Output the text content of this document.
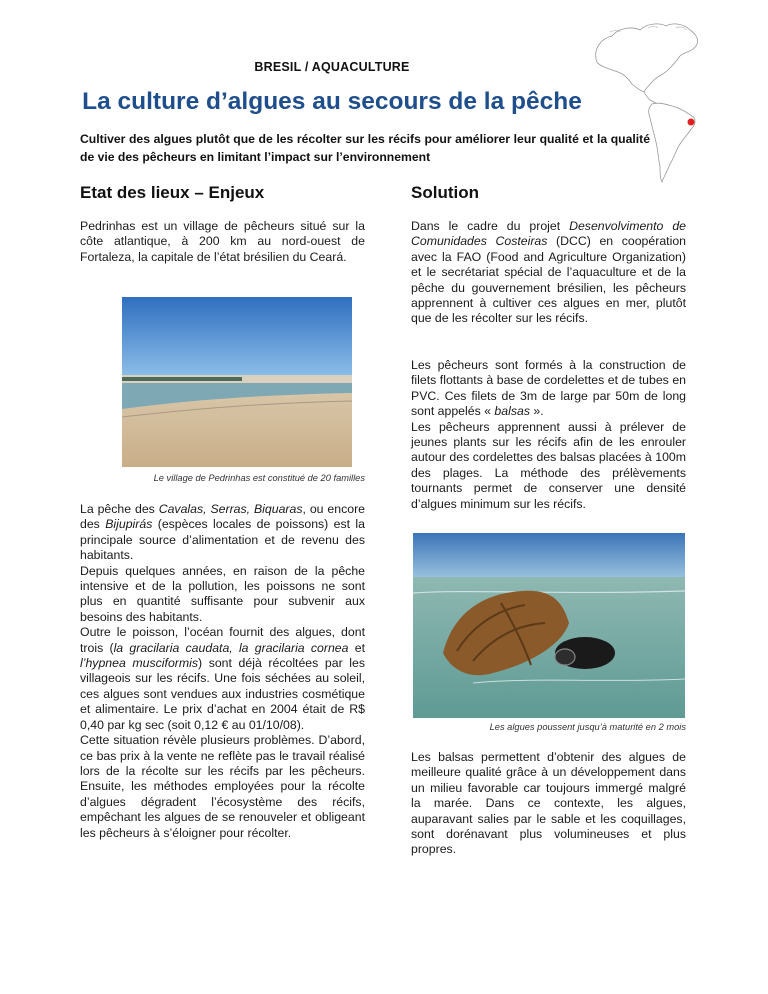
BRESIL / AQUACULTURE
La culture d’algues au secours de la pêche
Cultiver des algues plutôt que de les récolter sur les récifs pour améliorer leur qualité et la qualité de vie des pêcheurs en limitant l’impact sur l’environnement
Etat des lieux – Enjeux

Pedrinhas est un village de pêcheurs situé sur la côte atlantique, à 200 km au nord-ouest de Fortaleza, la capitale de l’état brésilien du Ceará.

Le village de Pedrinhas est constitué de 20 familles

La pêche des Cavalas, Serras, Biquaras, ou encore des Bijupirás (espèces locales de poissons) est la principale source d’alimentation et de revenu des habitants.

Depuis quelques années, en raison de la pêche intensive et de la pollution, les poissons ne sont plus en quantité suffisante pour subvenir aux besoins des habitants.

Outre le poisson, l’océan fournit des algues, dont trois (la gracilaria caudata, la gracilaria cornea et l’hypnea musciformis) sont déjà récoltées par les villageois sur les récifs. Une fois séchées au soleil, ces algues sont vendues aux industries cosmétique et alimentaire. Le prix d’achat en 2004 était de R$ 0,40 par kg sec (soit 0,12 € au 01/10/08).

Cette situation révèle plusieurs problèmes. D’abord, ce bas prix à la vente ne reflète pas le travail réalisé lors de la récolte sur les récifs par les pêcheurs. Ensuite, les méthodes employées pour la récolte d’algues dégradent l’écosystème des récifs, empêchant les algues de se renouveler et obligeant les pêcheurs à s’éloigner pour récolter.

Solution

Dans le cadre du projet Desenvolvimento de Comunidades Costeiras (DCC) en coopération avec la FAO (Food and Agriculture Organization) et le secrétariat spécial de l’aquaculture et de la pêche du gouvernement brésilien, les pêcheurs apprennent à cultiver ces algues en mer, plutôt que de les récolter sur les récifs.

Les pêcheurs sont formés à la construction de filets flottants à base de cordelettes et de tubes en PVC. Ces filets de 3m de large par 50m de long sont appelés « balsas ».

Les pêcheurs apprennent aussi à prélever de jeunes plants sur les récifs afin de les enrouler autour des cordelettes des balsas placées à 100m des plages. La méthode des prélèvements tournants permet de conserver une densité d’algues minimum sur les récifs.

Les algues poussent jusqu’à maturité en 2 mois

Les balsas permettent d’obtenir des algues de meilleure qualité grâce à un développement dans un milieu favorable car toujours immergé malgré la marée. Dans ce contexte, les algues, auparavant salies par le sable et les coquillages, sont dorénavant plus volumineuses et plus propres.
